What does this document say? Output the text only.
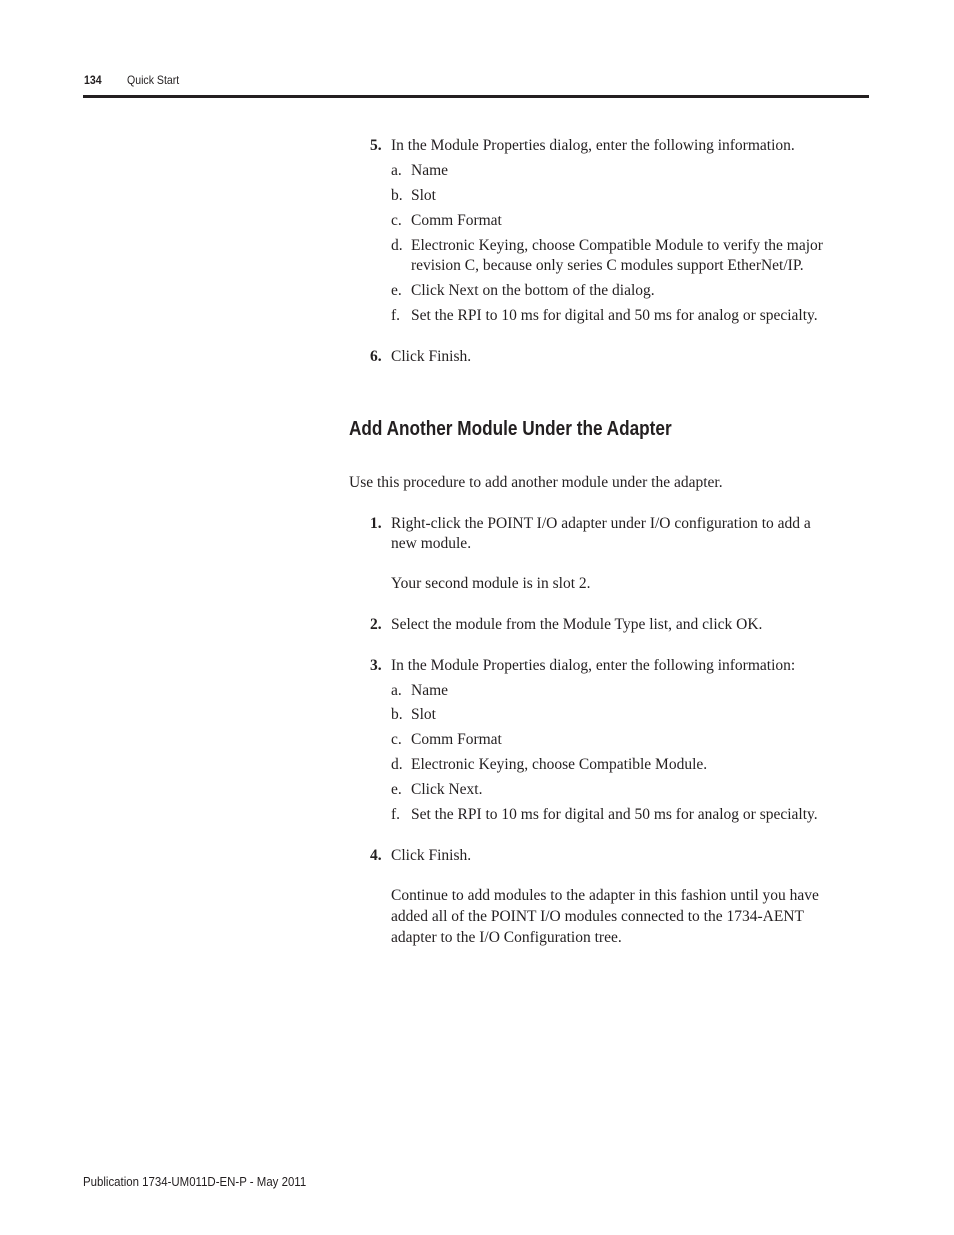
134 Quick Start
5. In the Module Properties dialog, enter the following information.
a. Name
b. Slot
c. Comm Format
d. Electronic Keying, choose Compatible Module to verify the major
revision C, because only series C modules support EtherNet/IP.
e. Click Next on the bottom of the dialog.
f. Set the RPI to 10 ms for digital and 50 ms for analog or specialty.
6. Click Finish.
Add Another Module Under the Adapter
Use this procedure to add another module under the adapter.
1. Right-click the POINT I/O adapter under I/O configuration to add a
new module.
Your second module is in slot 2.
2. Select the module from the Module Type list, and click OK.
3. In the Module Properties dialog, enter the following information:
a. Name
b. Slot
c. Comm Format
d. Electronic Keying, choose Compatible Module.
e. Click Next.
f. Set the RPI to 10 ms for digital and 50 ms for analog or specialty.
4. Click Finish.
Continue to add modules to the adapter in this fashion until you have
added all of the POINT I/O modules connected to the 1734-AENT
adapter to the I/O Configuration tree.
Publication 1734-UM011D-EN-P - May 2011
